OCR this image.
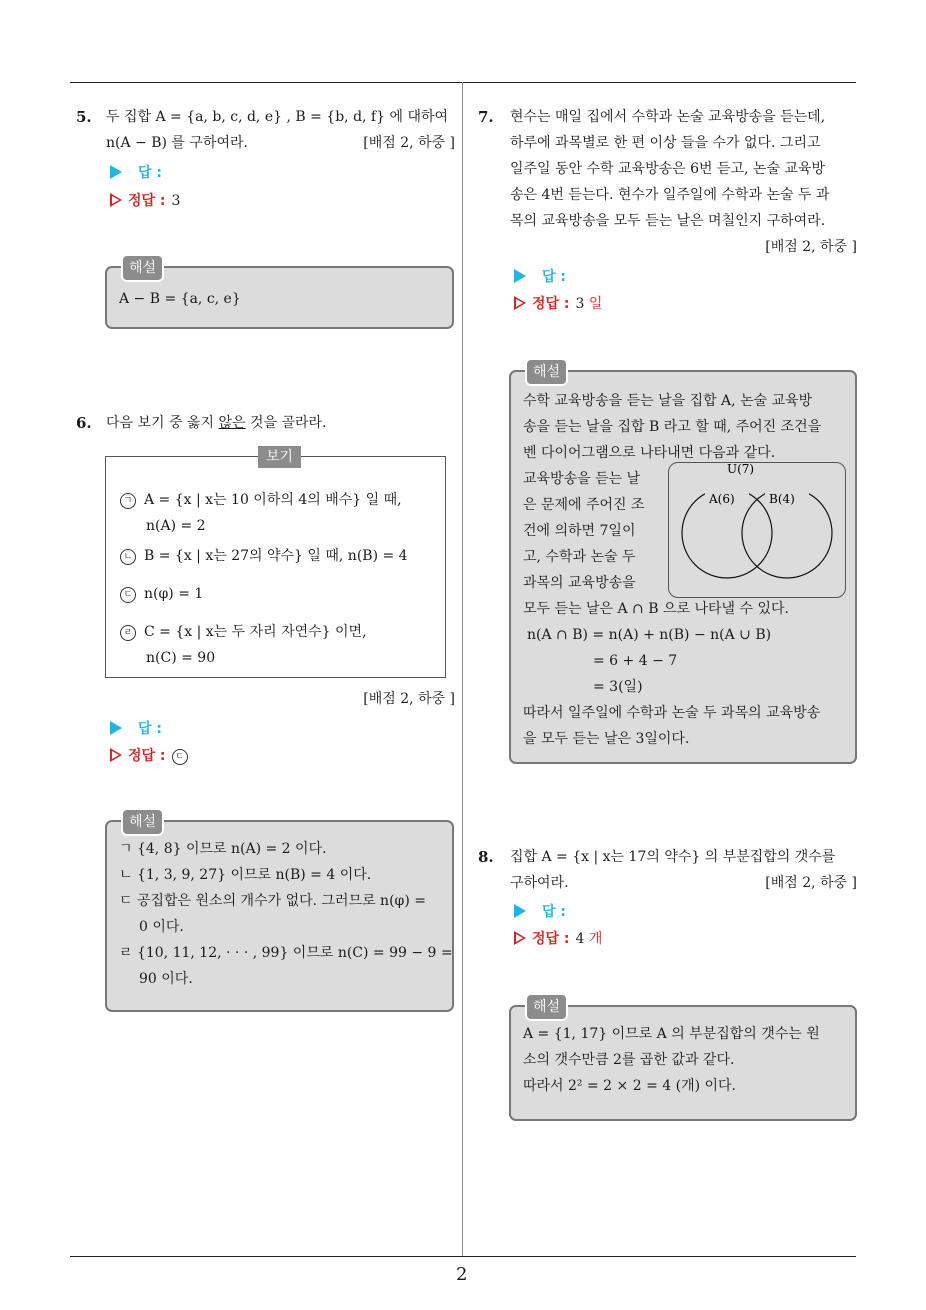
2
5. 두 집합 A = {a, b, c, d, e} , B = {b, d, f} 에 대하여
n(A − B) 를 구하여라.	[배점 2, 하중 ]
답 :
정답 : 3
해설
A − B = {a, c, e}
6. 다음 보기 중 옳지 않은 것을 골라라.
보기
ㄱ A = {x | x는 10 이하의 4의 배수} 일 때,
n(A) = 2
ㄴ B = {x | x는 27의 약수} 일 때, n(B) = 4
ㄷ n(φ) = 1
ㄹ C = {x | x는 두 자리 자연수} 이면,
n(C) = 90
[배점 2, 하중 ]
답 :
정답 : ㄷ
해설
ㄱ {4, 8} 이므로 n(A) = 2 이다.
ㄴ {1, 3, 9, 27} 이므로 n(B) = 4 이다.
ㄷ 공집합은 원소의 개수가 없다. 그러므로 n(φ) =
0 이다.
ㄹ {10, 11, 12, · · · , 99} 이므로 n(C) = 99 − 9 =
90 이다.
7. 현수는 매일 집에서 수학과 논술 교육방송을 듣는데,
하루에 과목별로 한 편 이상 들을 수가 없다. 그리고
일주일 동안 수학 교육방송은 6번 듣고, 논술 교육방
송은 4번 듣는다. 현수가 일주일에 수학과 논술 두 과
목의 교육방송을 모두 듣는 날은 며칠인지 구하여라.
[배점 2, 하중 ]
답 :
정답 : 3 일
해설
수학 교육방송을 듣는 날을 집합 A, 논술 교육방
송을 듣는 날을 집합 B 라고 할 때, 주어진 조건을
벤 다이어그램으로 나타내면 다음과 같다.
교육방송을 듣는 날
은 문제에 주어진 조
건에 의하면 7일이
고, 수학과 논술 두
과목의 교육방송을
A(6)	B(4)
U(7)
모두 듣는 날은 A ∩ B 으로 나타낼 수 있다.
n(A ∩ B) = n(A) + n(B) − n(A ∪ B)
= 6 + 4 − 7
= 3(일)
따라서 일주일에 수학과 논술 두 과목의 교육방송
을 모두 듣는 날은 3일이다.
8. 집합 A = {x | x는 17의 약수} 의 부분집합의 갯수를
구하여라.	[배점 2, 하중 ]
답 :
정답 : 4 개
해설
A = {1, 17} 이므로 A 의 부분집합의 갯수는 원
소의 갯수만큼 2를 곱한 값과 같다.
따라서 2² = 2 × 2 = 4 (개) 이다.
